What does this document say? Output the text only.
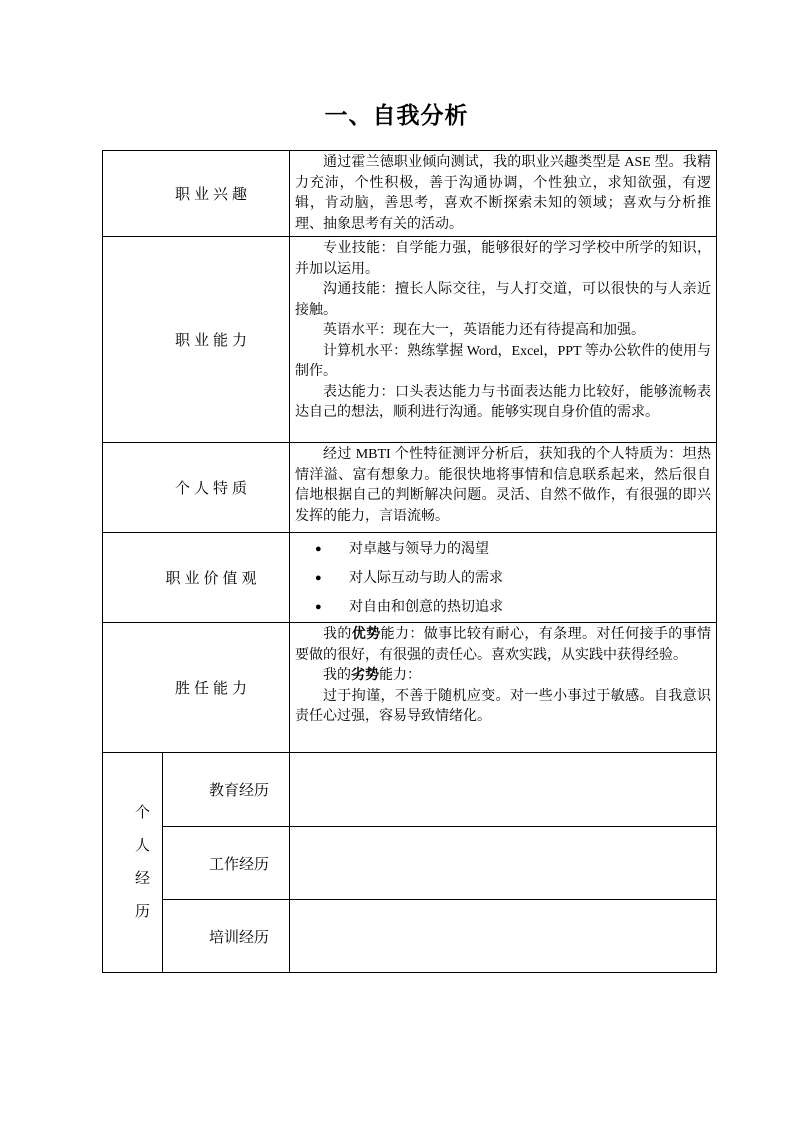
一、自我分析
职业兴趣		通过霍兰德职业倾向测试，我的职业兴趣类型是 ASE 型。我精力充沛，个性积极，善于沟通协调，个性独立，求知欲强，有逻辑，肯动脑，善思考，喜欢不断探索未知的领域；喜欢与分析推理、抽象思考有关的活动。

职业能力		专业技能：自学能力强，能够很好的学习学校中所学的知识，并加以运用。

沟通技能：擅长人际交往，与人打交道，可以很快的与人亲近接触。

英语水平：现在大一，英语能力还有待提高和加强。

计算机水平：熟练掌握 Word，Excel，PPT 等办公软件的使用与制作。

表达能力：口头表达能力与书面表达能力比较好，能够流畅表达自己的想法，顺利进行沟通。能够实现自身价值的需求。

个人特质		经过 MBTI 个性特征测评分析后，获知我的个人特质为：坦热情洋溢、富有想象力。能很快地将事情和信息联系起来，然后很自信地根据自己的判断解决问题。灵活、自然不做作，有很强的即兴发挥的能力，言语流畅。

职业价值观		● 对卓越与领导力的渴望
● 对人际互动与助人的需求
● 对自由和创意的热切追求

胜任能力		我的优势能力：做事比较有耐心，有条理。对任何接手的事情要做的很好，有很强的责任心。喜欢实践，从实践中获得经验。

我的劣势能力：

过于拘谨，不善于随机应变。对一些小事过于敏感。自我意识责任心过强，容易导致情绪化。

个
人
经
历	教育经历	
	工作经历	
	培训经历	
